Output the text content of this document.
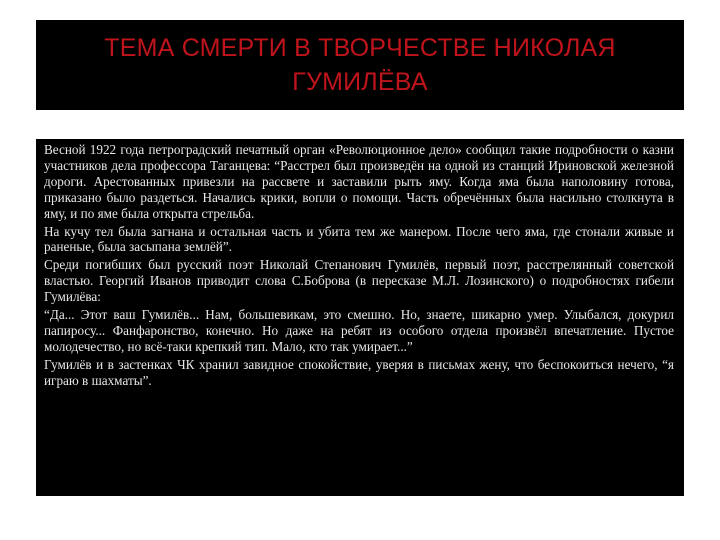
ТЕМА СМЕРТИ В ТВОРЧЕСТВЕ НИКОЛАЯ ГУМИЛЁВА

Весной 1922 года петроградский печатный орган «Революционное дело» сообщил такие подробности о казни участников дела профессора Таганцева: “Расстрел был произведён на одной из станций Ириновской железной дороги. Арестованных привезли на рассвете и заставили рыть яму. Когда яма была наполовину готова, приказано было раздеться. Начались крики, вопли о помощи. Часть обречённых была насильно столкнута в яму, и по яме была открыта стрельба.

На кучу тел была загнана и остальная часть и убита тем же манером. После чего яма, где стонали живые и раненые, была засыпана землёй”.

Среди погибших был русский поэт Николай Степанович Гумилёв, первый поэт, расстрелянный советской властью. Георгий Иванов приводит слова С.Боброва (в пересказе М.Л. Лозинского) о подробностях гибели Гумилёва:

“Да... Этот ваш Гумилёв... Нам, большевикам, это смешно. Но, знаете, шикарно умер. Улыбался, докурил папиросу... Фанфаронство, конечно. Но даже на ребят из особого отдела произвёл впечатление. Пустое молодечество, но всё-таки крепкий тип. Мало, кто так умирает...”

Гумилёв и в застенках ЧК хранил завидное спокойствие, уверяя в письмах жену, что беспокоиться нечего, “я играю в шахматы”.
